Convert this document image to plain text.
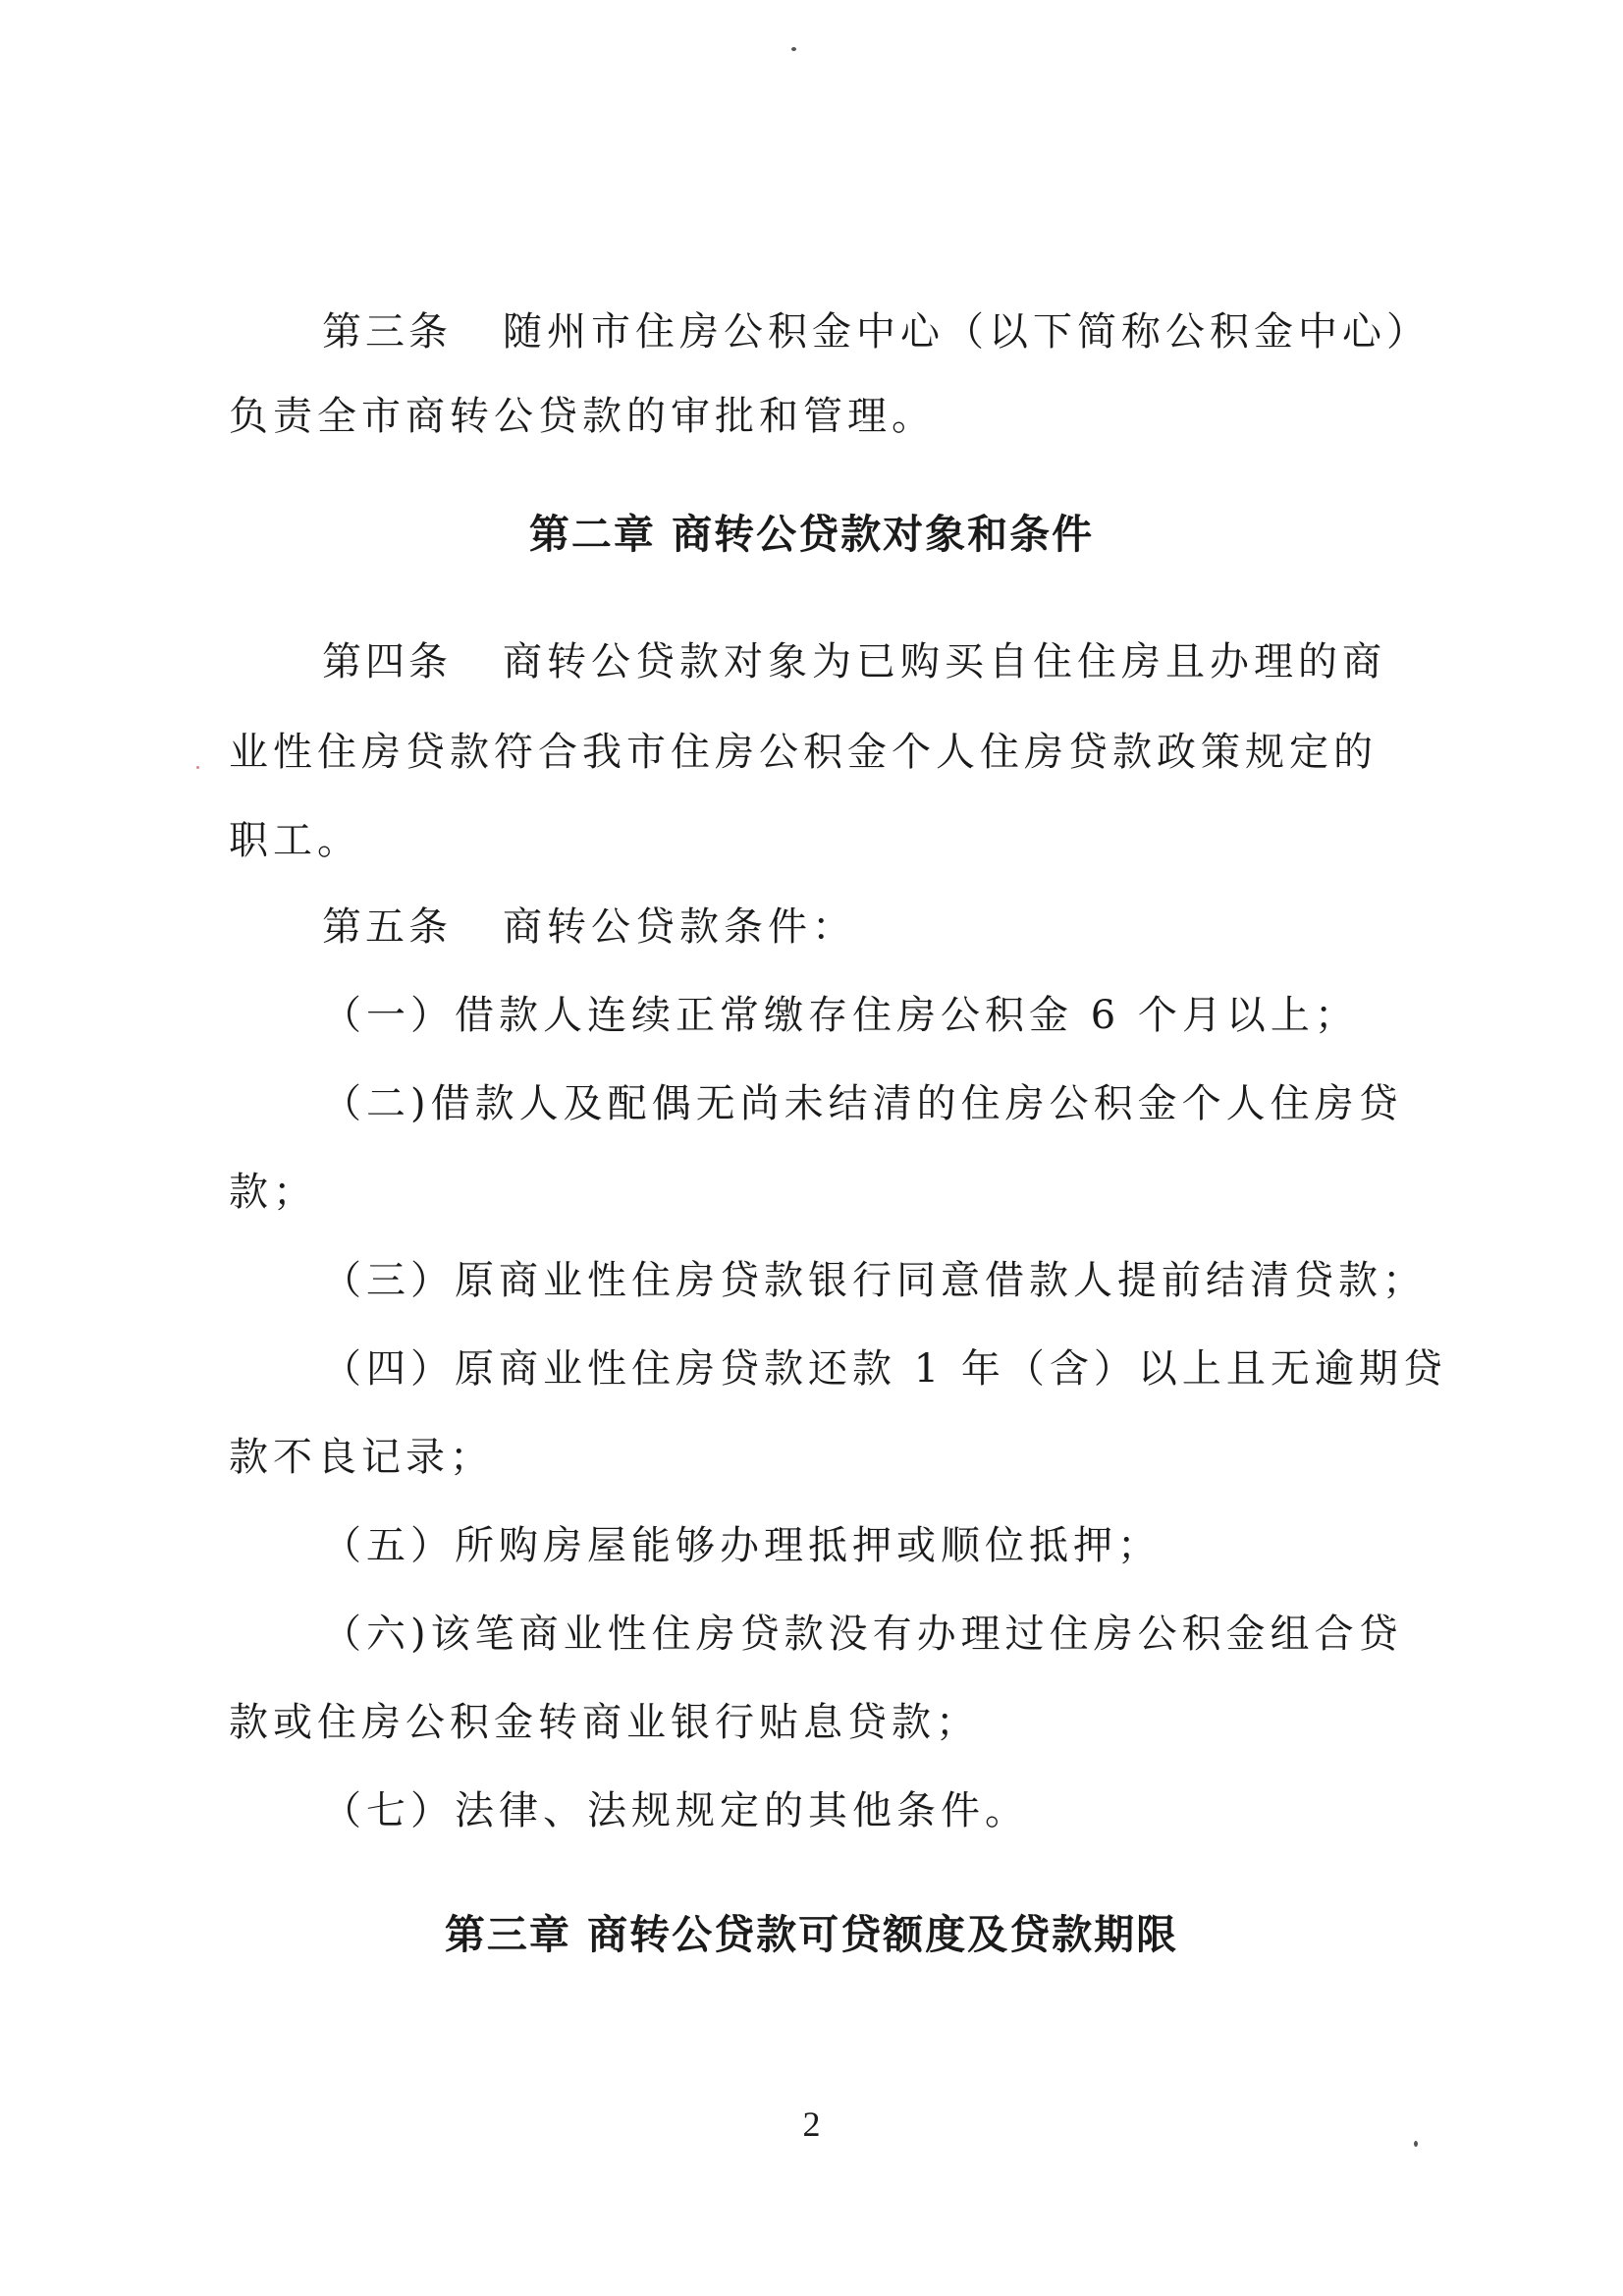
第三条 随州市住房公积金中心（以下简称公积金中心）
负责全市商转公贷款的审批和管理。
第二章 商转公贷款对象和条件
第四条 商转公贷款对象为已购买自住住房且办理的商
业性住房贷款符合我市住房公积金个人住房贷款政策规定的
职工。
第五条 商转公贷款条件：
（一）借款人连续正常缴存住房公积金 6 个月以上；
（二)借款人及配偶无尚未结清的住房公积金个人住房贷
款；
（三）原商业性住房贷款银行同意借款人提前结清贷款；
（四）原商业性住房贷款还款 1 年（含）以上且无逾期贷
款不良记录；
（五）所购房屋能够办理抵押或顺位抵押；
（六)该笔商业性住房贷款没有办理过住房公积金组合贷
款或住房公积金转商业银行贴息贷款；
（七）法律、法规规定的其他条件。
第三章 商转公贷款可贷额度及贷款期限
2
